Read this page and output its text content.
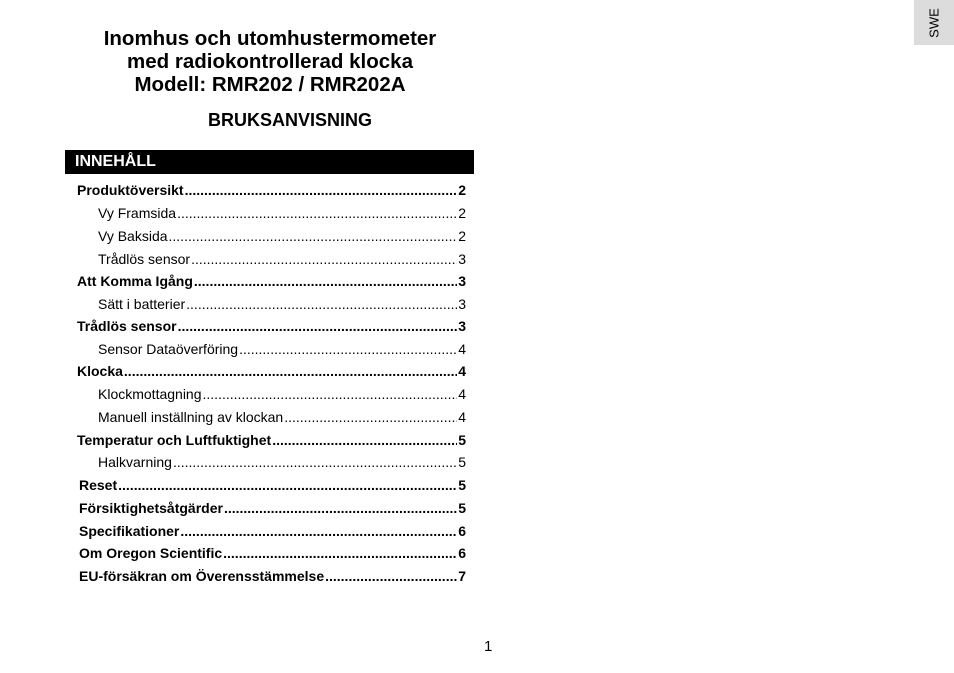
SWE
Inomhus och utomhustermometer
med radiokontrollerad klocka
Modell: RMR202 / RMR202A
BRUKSANVISNING
INNEHÅLL
Produktöversikt .....	2
Vy Framsida .....	2
Vy Baksida .....	2
Trådlös sensor .....	3
Att Komma Igång .....	3
Sätt i batterier .....	3
Trådlös sensor .....	3
Sensor Dataöverföring .....	4
Klocka .....	4
Klockmottagning .....	4
Manuell inställning av klockan .....	4
Temperatur och Luftfuktighet .....	5
Halkvarning .....	5
Reset .....	5
Försiktighetsåtgärder .....	5
Specifikationer .....	6
Om Oregon Scientific .....	6
EU-försäkran om Överensstämmelse .....	7
1
